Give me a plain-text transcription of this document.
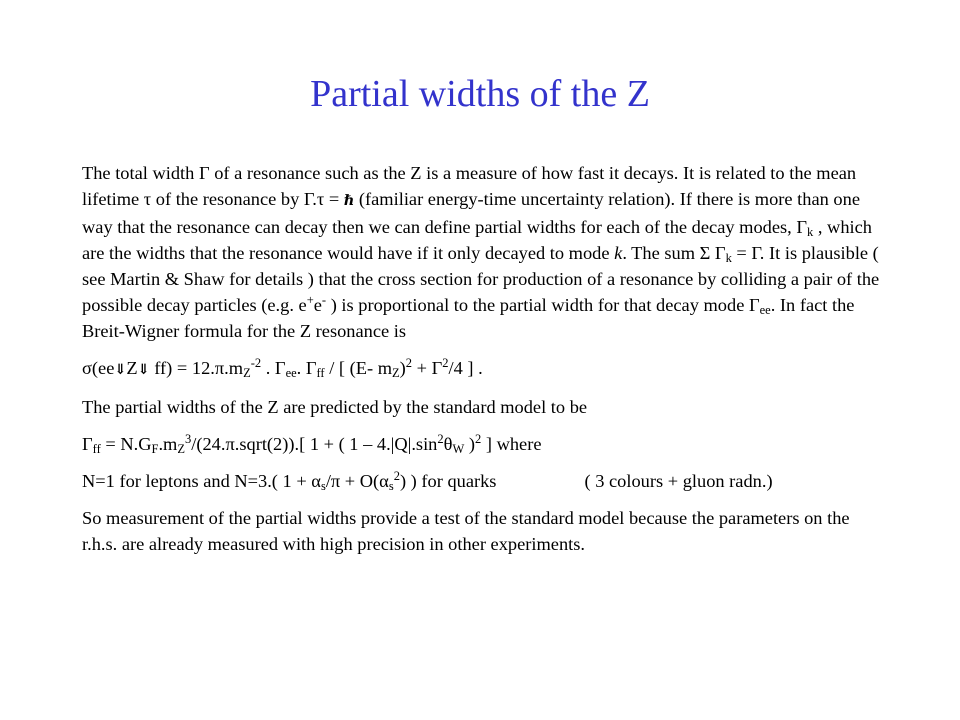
Partial widths of the Z

The total width Γ of a resonance such as the Z is a measure of how fast it decays. It is related to the mean lifetime τ of the resonance by Γ.τ = ℏ (familiar energy-time uncertainty relation). If there is more than one way that the resonance can decay then we can define partial widths for each of the decay modes, $\Gamma_k$ , which are the widths that the resonance would have if it only decayed to mode k. The sum Σ $\Gamma_k = \Gamma$. It is plausible ( see Martin & Shaw for details ) that the cross section for production of a resonance by colliding a pair of the possible decay particles (e.g. e+e- ) is proportional to the partial width for that decay mode $\Gamma_{ee}$. In fact the Breit-Wigner formula for the Z resonance is

σ(ee⇓Z⇓ $ff) = 12.\pi.m_Z^{-2}$ . $\Gamma_{ee}$. $\Gamma_{ff}$ / [ (E- $m_Z)^2 + \Gamma^2/4$ ] .

The partial widths of the Z are predicted by the standard model to be

$\Gamma_{ff}$ = $N.G_F.m_Z^3/(24.\pi.sqrt(2))$.[ 1 + ( $1 - 4.|Q|.\sin^2\theta_W$ )$^2$ ] where

N=1 for leptons and N=3.( $1 + \alpha_s/\pi + O(\alpha_s^2)$ ) for quarks	( 3 colours + gluon radn.)

So measurement of the partial widths provide a test of the standard model because the parameters on the r.h.s. are already measured with high precision in other experiments.
